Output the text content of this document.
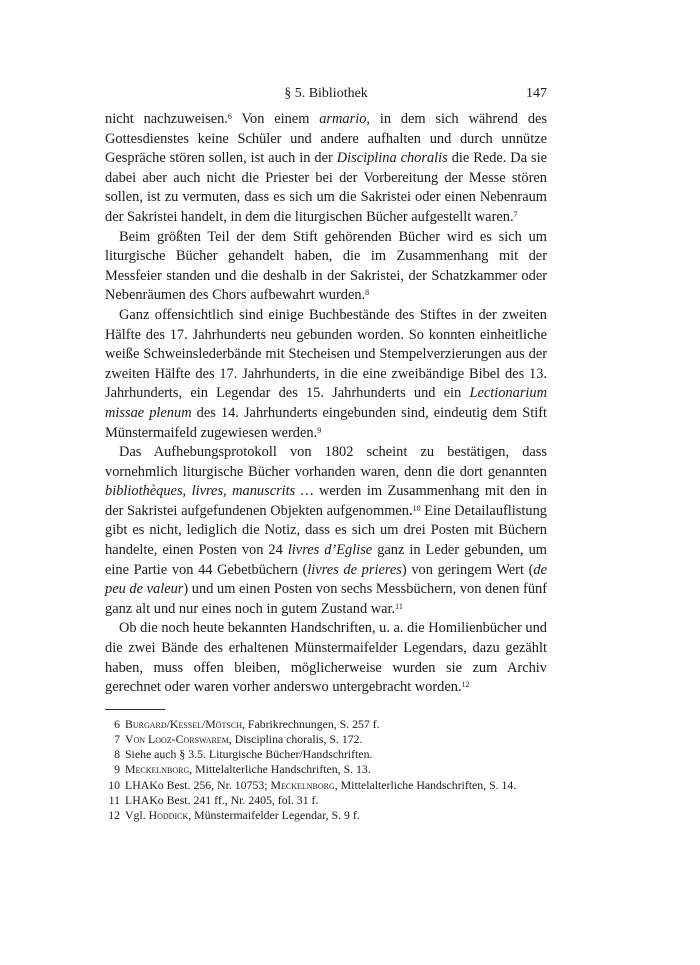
§ 5. Bibliothek	147

nicht nachzuweisen.$^6$ Von einem armario, in dem sich während des Gottesdienstes keine Schüler und andere aufhalten und durch unnütze Gespräche stören sollen, ist auch in der Disciplina choralis die Rede. Da sie dabei aber auch nicht die Priester bei der Vorbereitung der Messe stören sollen, ist zu vermuten, dass es sich um die Sakristei oder einen Nebenraum der Sakristei handelt, in dem die liturgischen Bücher aufgestellt waren.$^7$

Beim größten Teil der dem Stift gehörenden Bücher wird es sich um liturgische Bücher gehandelt haben, die im Zusammenhang mit der Messfeier standen und die deshalb in der Sakristei, der Schatzkammer oder Nebenräumen des Chors aufbewahrt wurden.$^8$

Ganz offensichtlich sind einige Buchbestände des Stiftes in der zweiten Hälfte des 17. Jahrhunderts neu gebunden worden. So konnten einheitliche weiße Schweinslederbände mit Stecheisen und Stempelverzierungen aus der zweiten Hälfte des 17. Jahrhunderts, in die eine zweibändige Bibel des 13. Jahrhunderts, ein Legendar des 15. Jahrhunderts und ein Lectionarium missae plenum des 14. Jahrhunderts eingebunden sind, eindeutig dem Stift Münstermaifeld zugewiesen werden.$^9$

Das Aufhebungsprotokoll von 1802 scheint zu bestätigen, dass vornehmlich liturgische Bücher vorhanden waren, denn die dort genannten bibliothèques, livres, manuscrits … werden im Zusammenhang mit den in der Sakristei aufgefundenen Objekten aufgenommen.$^{10}$ Eine Detailauflistung gibt es nicht, lediglich die Notiz, dass es sich um drei Posten mit Büchern handelte, einen Posten von 24 livres d’Eglise ganz in Leder gebunden, um eine Partie von 44 Gebetbüchern (livres de prieres) von geringem Wert (de peu de valeur) und um einen Posten von sechs Messbüchern, von denen fünf ganz alt und nur eines noch in gutem Zustand war.$^{11}$

Ob die noch heute bekannten Handschriften, u. a. die Homilienbücher und die zwei Bände des erhaltenen Münstermaifelder Legendars, dazu gezählt haben, muss offen bleiben, möglicherweise wurden sie zum Archiv gerechnet oder waren vorher anderswo untergebracht worden.$^{12}$

6 Burgard/Kessel/Mötsch, Fabrikrechnungen, S. 257 f.
7 Von Looz-Corswarem, Disciplina choralis, S. 172.
8 Siehe auch § 3.5. Liturgische Bücher/Handschriften.
9 Meckelnborg, Mittelalterliche Handschriften, S. 13.
10 LHAKo Best. 256, Nr. 10753; Meckelnborg, Mittelalterliche Handschriften, S. 14.
11 LHAKo Best. 241 ff., Nr. 2405, fol. 31 f.
12 Vgl. Hoddick, Münstermaifelder Legendar, S. 9 f.
